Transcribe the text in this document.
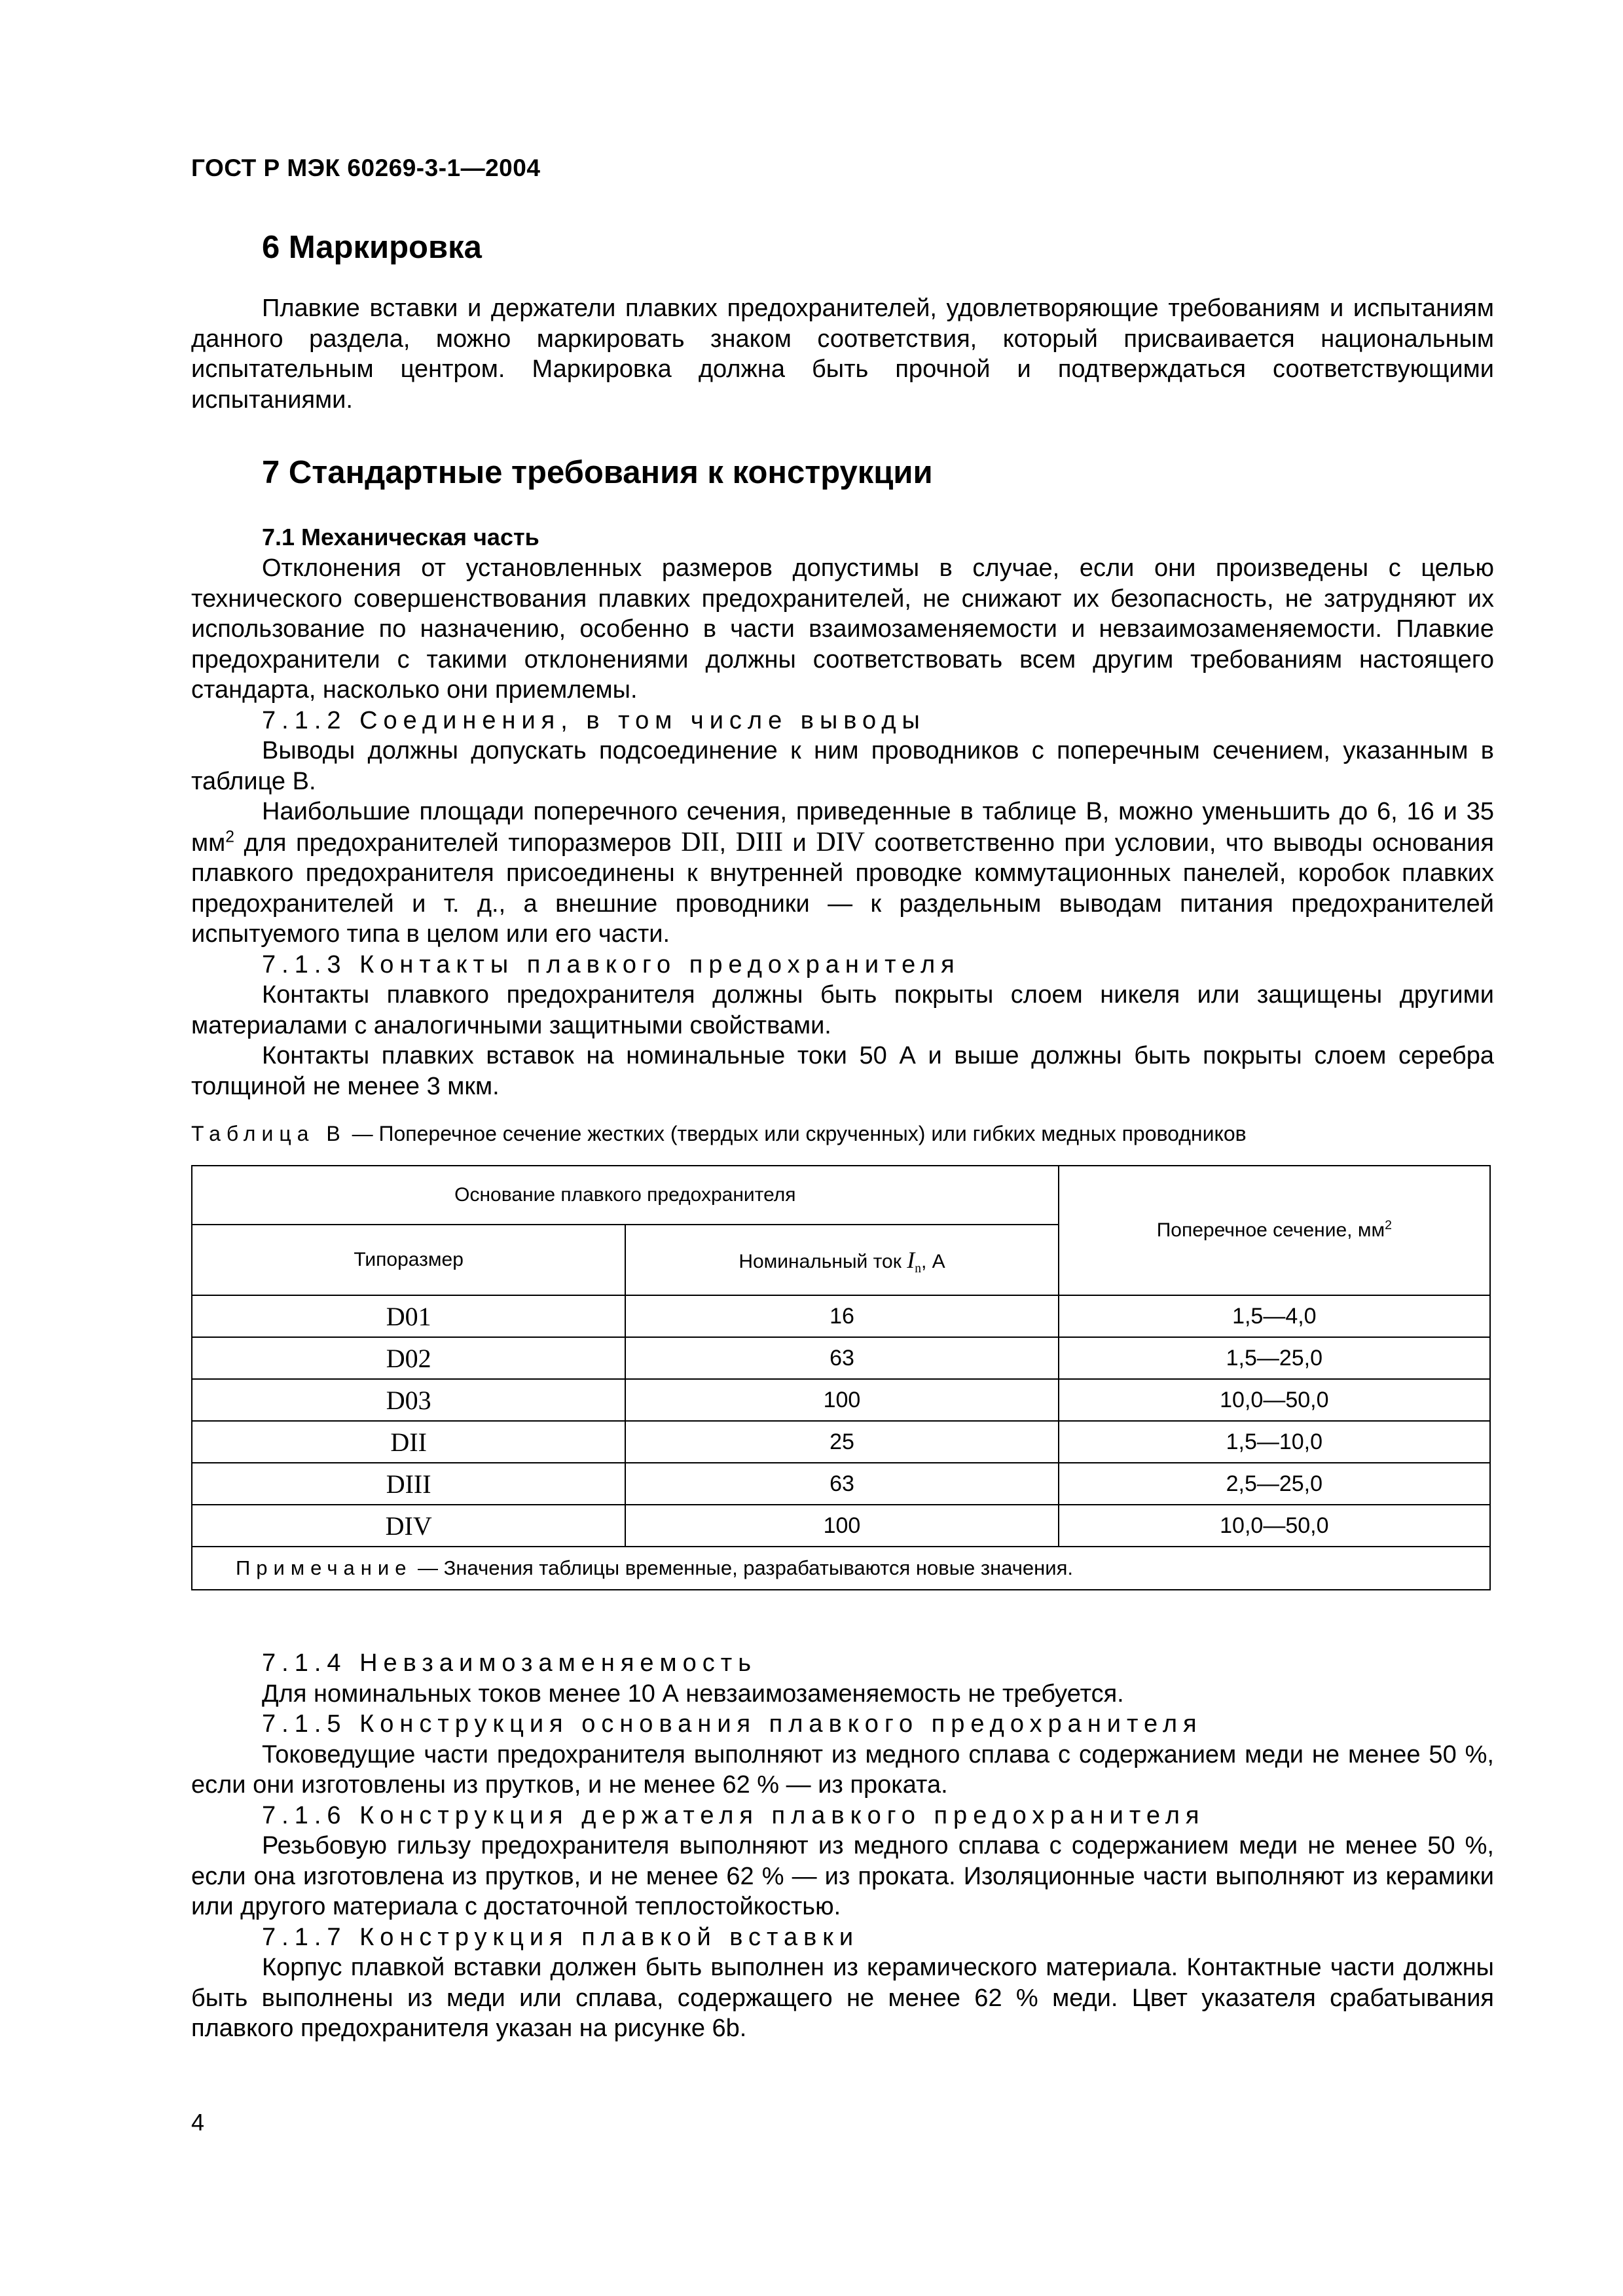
ГОСТ Р МЭК 60269-3-1—2004
6 Маркировка

Плавкие вставки и держатели плавких предохранителей, удовлетворяющие требованиям и испытаниям данного раздела, можно маркировать знаком соответствия, который присваивается национальным испытательным центром. Маркировка должна быть прочной и подтверждаться соответствующими испытаниями.

7 Стандартные требования к конструкции
7.1 Механическая часть

Отклонения от установленных размеров допустимы в случае, если они произведены с целью технического совершенствования плавких предохранителей, не снижают их безопасность, не затрудняют их использование по назначению, особенно в части взаимозаменяемости и невзаимозаменяемости. Плавкие предохранители с такими отклонениями должны соответствовать всем другим требованиям настоящего стандарта, насколько они приемлемы.

7.1.2 Соединения, в том числе выводы

Выводы должны допускать подсоединение к ним проводников с поперечным сечением, указанным в таблице В.

Наибольшие площади поперечного сечения, приведенные в таблице В, можно уменьшить до 6, 16 и 35 $мм^2$ для предохранителей типоразмеров DII, DIII и DIV соответственно при условии, что выводы основания плавкого предохранителя присоединены к внутренней проводке коммутационных панелей, коробок плавких предохранителей и т. д., а внешние проводники — к раздельным выводам питания предохранителей испытуемого типа в целом или его части.

7.1.3 Контакты плавкого предохранителя

Контакты плавкого предохранителя должны быть покрыты слоем никеля или защищены другими материалами с аналогичными защитными свойствами.

Контакты плавких вставок на номинальные токи 50 А и выше должны быть покрыты слоем серебра толщиной не менее 3 мкм.

Таблица В — Поперечное сечение жестких (твердых или скрученных) или гибких медных проводников
Основание плавкого предохранителя		Поперечное сечение, $мм^2$
Типоразмер	Номинальный ток $I_n$, А	
D01	16	1,5—4,0
D02	63	1,5—25,0
D03	100	10,0—50,0
DII	25	1,5—10,0
DIII	63	2,5—25,0
DIV	100	10,0—50,0
Примечание — Значения таблицы временные, разрабатываются новые значения.		

7.1.4 Невзаимозаменяемость

Для номинальных токов менее 10 А невзаимозаменяемость не требуется.

7.1.5 Конструкция основания плавкого предохранителя

Токоведущие части предохранителя выполняют из медного сплава с содержанием меди не менее 50 %, если они изготовлены из прутков, и не менее 62 % — из проката.

7.1.6 Конструкция держателя плавкого предохранителя

Резьбовую гильзу предохранителя выполняют из медного сплава с содержанием меди не менее 50 %, если она изготовлена из прутков, и не менее 62 % — из проката. Изоляционные части выполняют из керамики или другого материала с достаточной теплостойкостью.

7.1.7 Конструкция плавкой вставки

Корпус плавкой вставки должен быть выполнен из керамического материала. Контактные части должны быть выполнены из меди или сплава, содержащего не менее 62 % меди. Цвет указателя срабатывания плавкого предохранителя указан на рисунке 6b.

4
